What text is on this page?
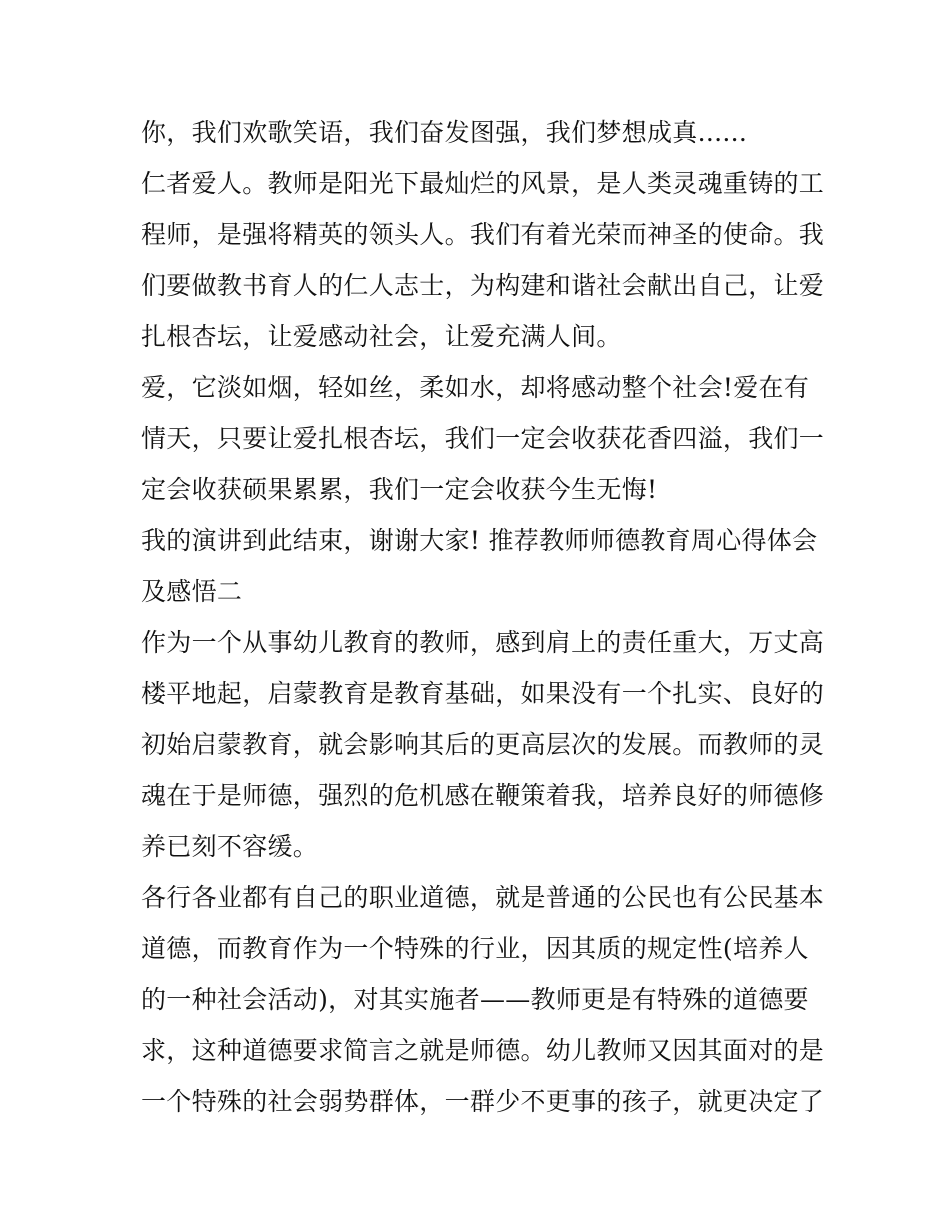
你，我们欢歌笑语，我们奋发图强，我们梦想成真......
仁者爱人。教师是阳光下最灿烂的风景，是人类灵魂重铸的工
程师，是强将精英的领头人。我们有着光荣而神圣的使命。我
们要做教书育人的仁人志士，为构建和谐社会献出自己，让爱
扎根杏坛，让爱感动社会，让爱充满人间。
爱，它淡如烟，轻如丝，柔如水，却将感动整个社会!爱在有
情天，只要让爱扎根杏坛，我们一定会收获花香四溢，我们一
定会收获硕果累累，我们一定会收获今生无悔!
我的演讲到此结束，谢谢大家! 推荐教师师德教育周心得体会
及感悟二
作为一个从事幼儿教育的教师，感到肩上的责任重大，万丈高
楼平地起，启蒙教育是教育基础，如果没有一个扎实、良好的
初始启蒙教育，就会影响其后的更高层次的发展。而教师的灵
魂在于是师德，强烈的危机感在鞭策着我，培养良好的师德修
养已刻不容缓。
各行各业都有自己的职业道德，就是普通的公民也有公民基本
道德，而教育作为一个特殊的行业，因其质的规定性(培养人
的一种社会活动)，对其实施者——教师更是有特殊的道德要
求，这种道德要求简言之就是师德。幼儿教师又因其面对的是
一个特殊的社会弱势群体，一群少不更事的孩子，就更决定了
